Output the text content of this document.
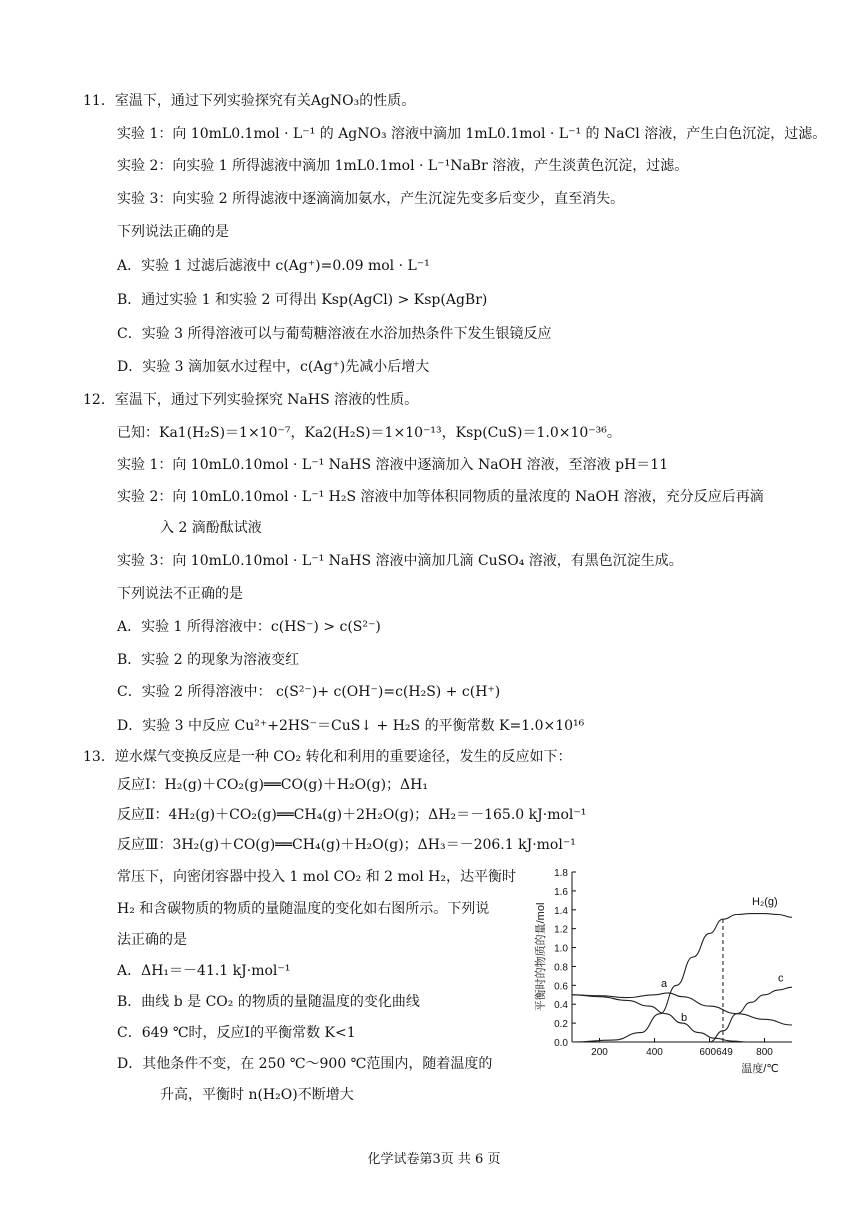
11．室温下，通过下列实验探究有关AgNO₃的性质。
实验 1：向 10mL0.1mol · L⁻¹ 的 AgNO₃ 溶液中滴加 1mL0.1mol · L⁻¹ 的 NaCl 溶液，产生白色沉淀，过滤。
实验 2：向实验 1 所得滤液中滴加 1mL0.1mol · L⁻¹NaBr 溶液，产生淡黄色沉淀，过滤。
实验 3：向实验 2 所得滤液中逐滴滴加氨水，产生沉淀先变多后变少，直至消失。
下列说法正确的是
A．实验 1 过滤后滤液中 c(Ag⁺)=0.09 mol · L⁻¹
B．通过实验 1 和实验 2 可得出 Ksp(AgCl) > Ksp(AgBr)
C．实验 3 所得溶液可以与葡萄糖溶液在水浴加热条件下发生银镜反应
D．实验 3 滴加氨水过程中，c(Ag⁺)先减小后增大
12．室温下，通过下列实验探究 NaHS 溶液的性质。
已知：Ka1(H₂S)＝1×10⁻⁷，Ka2(H₂S)＝1×10⁻¹³，Ksp(CuS)＝1.0×10⁻³⁶。
实验 1：向 10mL0.10mol · L⁻¹ NaHS 溶液中逐滴加入 NaOH 溶液，至溶液 pH＝11
实验 2：向 10mL0.10mol · L⁻¹ H₂S 溶液中加等体积同物质的量浓度的 NaOH 溶液，充分反应后再滴
入 2 滴酚酞试液
实验 3：向 10mL0.10mol · L⁻¹ NaHS 溶液中滴加几滴 CuSO₄ 溶液，有黑色沉淀生成。
下列说法不正确的是
A．实验 1 所得溶液中：c(HS⁻) > c(S²⁻)
B．实验 2 的现象为溶液变红
C．实验 2 所得溶液中： c(S²⁻)+ c(OH⁻)=c(H₂S) + c(H⁺)
D．实验 3 中反应 Cu²⁺+2HS⁻＝CuS↓ + H₂S 的平衡常数 K=1.0×10¹⁶
13．逆水煤气变换反应是一种 CO₂ 转化和利用的重要途径，发生的反应如下：
反应Ⅰ：H₂(g)＋CO₂(g)══CO(g)＋H₂O(g)；ΔH₁
反应Ⅱ：4H₂(g)＋CO₂(g)══CH₄(g)＋2H₂O(g)；ΔH₂＝－165.0 kJ·mol⁻¹
反应Ⅲ：3H₂(g)＋CO(g)══CH₄(g)＋H₂O(g)；ΔH₃＝－206.1 kJ·mol⁻¹
常压下，向密闭容器中投入 1 mol CO₂ 和 2 mol H₂，达平衡时
H₂ 和含碳物质的物质的量随温度的变化如右图所示。下列说
法正确的是
A．ΔH₁＝－41.1 kJ·mol⁻¹
B．曲线 b 是 CO₂ 的物质的量随温度的变化曲线
C．649 ℃时，反应Ⅰ的平衡常数 K<1
D．其他条件不变，在 250 ℃～900 ℃范围内，随着温度的
升高，平衡时 n(H₂O)不断增大
0.0
0.2
0.4
0.6
0.8
1.0
1.2
1.4
1.6
1.8
200	400	600649 800
H₂(g)
a
b
c
温度/℃
平衡时的物质的量/mol
化学试卷第3页 共 6 页
